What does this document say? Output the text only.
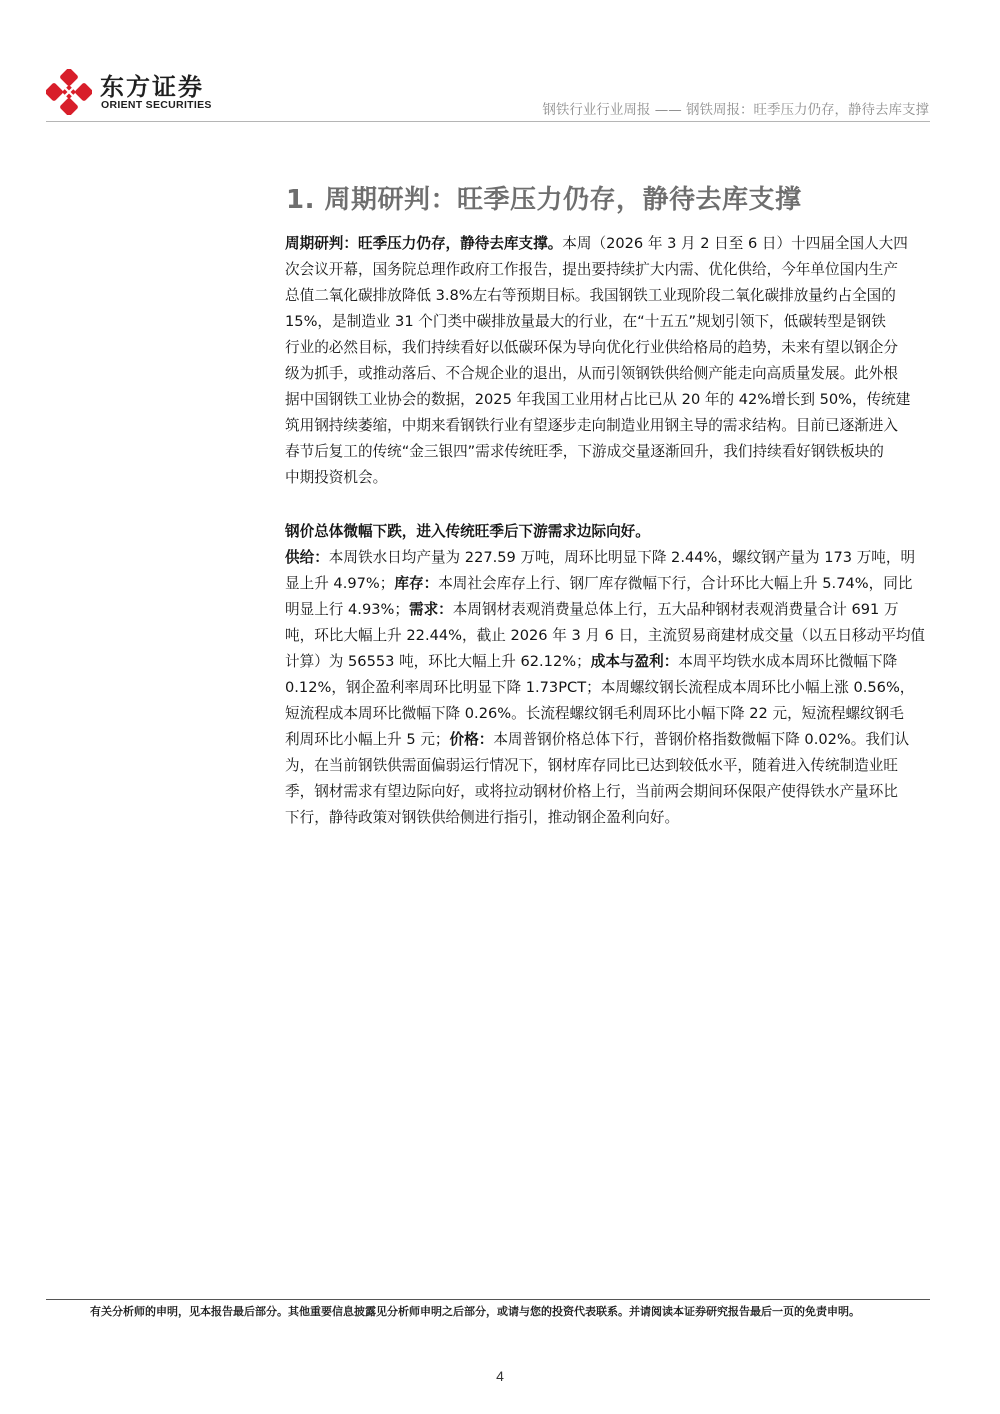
东方证券
ORIENT SECURITIES	钢铁行业行业周报 —— 钢铁周报：旺季压力仍存，静待去库支撑
1. 周期研判：旺季压力仍存，静待去库支撑
周期研判：旺季压力仍存，静待去库支撑。本周（2026 年 3 月 2 日至 6 日）十四届全国人大四
次会议开幕，国务院总理作政府工作报告，提出要持续扩大内需、优化供给，今年单位国内生产
总值二氧化碳排放降低 3.8%左右等预期目标。我国钢铁工业现阶段二氧化碳排放量约占全国的
15%，是制造业 31 个门类中碳排放量最大的行业，在“十五五”规划引领下，低碳转型是钢铁
行业的必然目标，我们持续看好以低碳环保为导向优化行业供给格局的趋势，未来有望以钢企分
级为抓手，或推动落后、不合规企业的退出，从而引领钢铁供给侧产能走向高质量发展。此外根
据中国钢铁工业协会的数据，2025 年我国工业用材占比已从 20 年的 42%增长到 50%，传统建
筑用钢持续萎缩，中期来看钢铁行业有望逐步走向制造业用钢主导的需求结构。目前已逐渐进入
春节后复工的传统“金三银四”需求传统旺季，下游成交量逐渐回升，我们持续看好钢铁板块的
中期投资机会。
钢价总体微幅下跌，进入传统旺季后下游需求边际向好。
供给：本周铁水日均产量为 227.59 万吨，周环比明显下降 2.44%，螺纹钢产量为 173 万吨，明
显上升 4.97%；库存：本周社会库存上行、钢厂库存微幅下行，合计环比大幅上升 5.74%，同比
明显上行 4.93%；需求：本周钢材表观消费量总体上行，五大品种钢材表观消费量合计 691 万
吨，环比大幅上升 22.44%，截止 2026 年 3 月 6 日，主流贸易商建材成交量（以五日移动平均值
计算）为 56553 吨，环比大幅上升 62.12%；成本与盈利：本周平均铁水成本周环比微幅下降
0.12%，钢企盈利率周环比明显下降 1.73PCT；本周螺纹钢长流程成本周环比小幅上涨 0.56%，
短流程成本周环比微幅下降 0.26%。长流程螺纹钢毛利周环比小幅下降 22 元，短流程螺纹钢毛
利周环比小幅上升 5 元；价格：本周普钢价格总体下行，普钢价格指数微幅下降 0.02%。我们认
为，在当前钢铁供需面偏弱运行情况下，钢材库存同比已达到较低水平，随着进入传统制造业旺
季，钢材需求有望边际向好，或将拉动钢材价格上行，当前两会期间环保限产使得铁水产量环比
下行，静待政策对钢铁供给侧进行指引，推动钢企盈利向好。
有关分析师的申明，见本报告最后部分。其他重要信息披露见分析师申明之后部分，或请与您的投资代表联系。并请阅读本证券研究报告最后一页的免责申明。
4
